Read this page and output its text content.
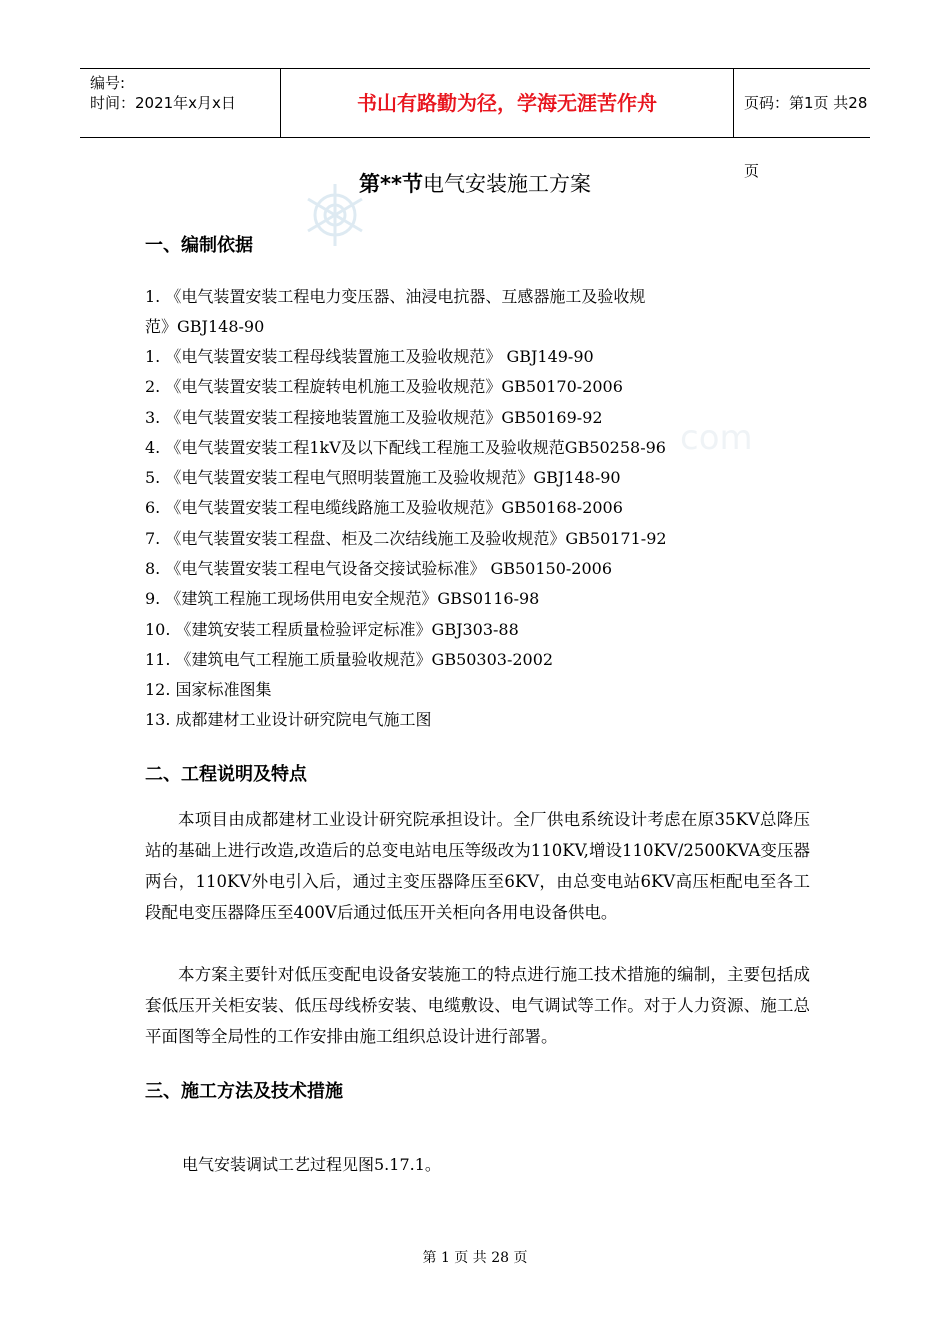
编号:
时间：2021年x月x日	书山有路勤为径，学海无涯苦作舟	页码：第1页 共28页
com
第**节电气安装施工方案
一、编制依据
1. 《电气装置安装工程电力变压器、油浸电抗器、互感器施工及验收规
范》GBJ148-90
1. 《电气装置安装工程母线装置施工及验收规范》 GBJ149-90
2. 《电气装置安装工程旋转电机施工及验收规范》GB50170-2006
3. 《电气装置安装工程接地装置施工及验收规范》GB50169-92
4. 《电气装置安装工程1kV及以下配线工程施工及验收规范GB50258-96
5. 《电气装置安装工程电气照明装置施工及验收规范》GBJ148-90
6. 《电气装置安装工程电缆线路施工及验收规范》GB50168-2006
7. 《电气装置安装工程盘、柜及二次结线施工及验收规范》GB50171-92
8. 《电气装置安装工程电气设备交接试验标准》 GB50150-2006
9. 《建筑工程施工现场供用电安全规范》GBS0116-98
10. 《建筑安装工程质量检验评定标准》GBJ303-88
11. 《建筑电气工程施工质量验收规范》GB50303-2002
12. 国家标准图集
13. 成都建材工业设计研究院电气施工图
二、工程说明及特点
本项目由成都建材工业设计研究院承担设计。全厂供电系统设计考虑在原35KV总降压站的基础上进行改造,改造后的总变电站电压等级改为110KV,增设110KV/2500KVA变压器两台，110KV外电引入后，通过主变压器降压至6KV，由总变电站6KV高压柜配电至各工段配电变压器降压至400V后通过低压开关柜向各用电设备供电。
本方案主要针对低压变配电设备安装施工的特点进行施工技术措施的编制，主要包括成套低压开关柜安装、低压母线桥安装、电缆敷设、电气调试等工作。对于人力资源、施工总平面图等全局性的工作安排由施工组织总设计进行部署。
三、施工方法及技术措施
电气安装调试工艺过程见图5.17.1。
第 1 页 共 28 页
